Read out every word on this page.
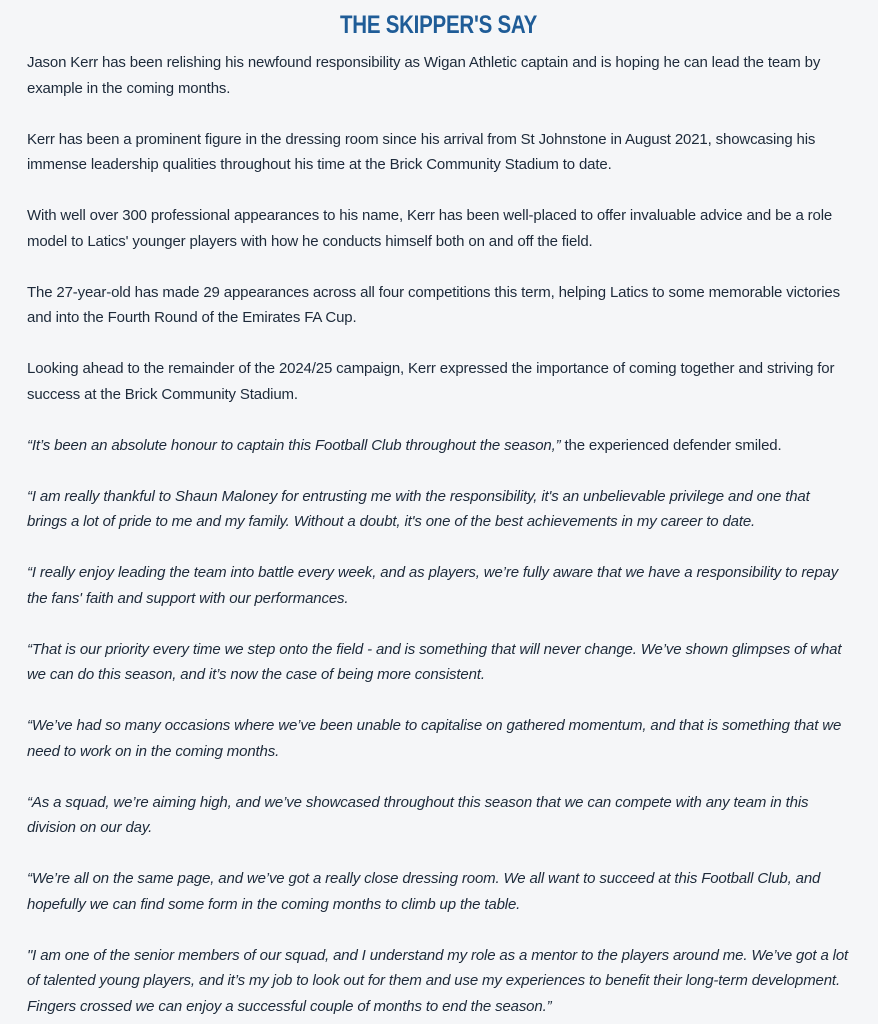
THE SKIPPER'S SAY

Jason Kerr has been relishing his newfound responsibility as Wigan Athletic captain and is hoping he can lead the team by example in the coming months.

Kerr has been a prominent figure in the dressing room since his arrival from St Johnstone in August 2021, showcasing his immense leadership qualities throughout his time at the Brick Community Stadium to date.

With well over 300 professional appearances to his name, Kerr has been well-placed to offer invaluable advice and be a role model to Latics' younger players with how he conducts himself both on and off the field.

The 27-year-old has made 29 appearances across all four competitions this term, helping Latics to some memorable victories and into the Fourth Round of the Emirates FA Cup.

Looking ahead to the remainder of the 2024/25 campaign, Kerr expressed the importance of coming together and striving for success at the Brick Community Stadium.

“It’s been an absolute honour to captain this Football Club throughout the season,” the experienced defender smiled.

“I am really thankful to Shaun Maloney for entrusting me with the responsibility, it's an unbelievable privilege and one that brings a lot of pride to me and my family. Without a doubt, it's one of the best achievements in my career to date.

“I really enjoy leading the team into battle every week, and as players, we’re fully aware that we have a responsibility to repay the fans' faith and support with our performances.

“That is our priority every time we step onto the field - and is something that will never change. We’ve shown glimpses of what we can do this season, and it’s now the case of being more consistent.

“We’ve had so many occasions where we’ve been unable to capitalise on gathered momentum, and that is something that we need to work on in the coming months.

“As a squad, we’re aiming high, and we’ve showcased throughout this season that we can compete with any team in this division on our day.

“We’re all on the same page, and we’ve got a really close dressing room. We all want to succeed at this Football Club, and hopefully we can find some form in the coming months to climb up the table.

"I am one of the senior members of our squad, and I understand my role as a mentor to the players around me. We’ve got a lot of talented young players, and it’s my job to look out for them and use my experiences to benefit their long-term development. Fingers crossed we can enjoy a successful couple of months to end the season.”
